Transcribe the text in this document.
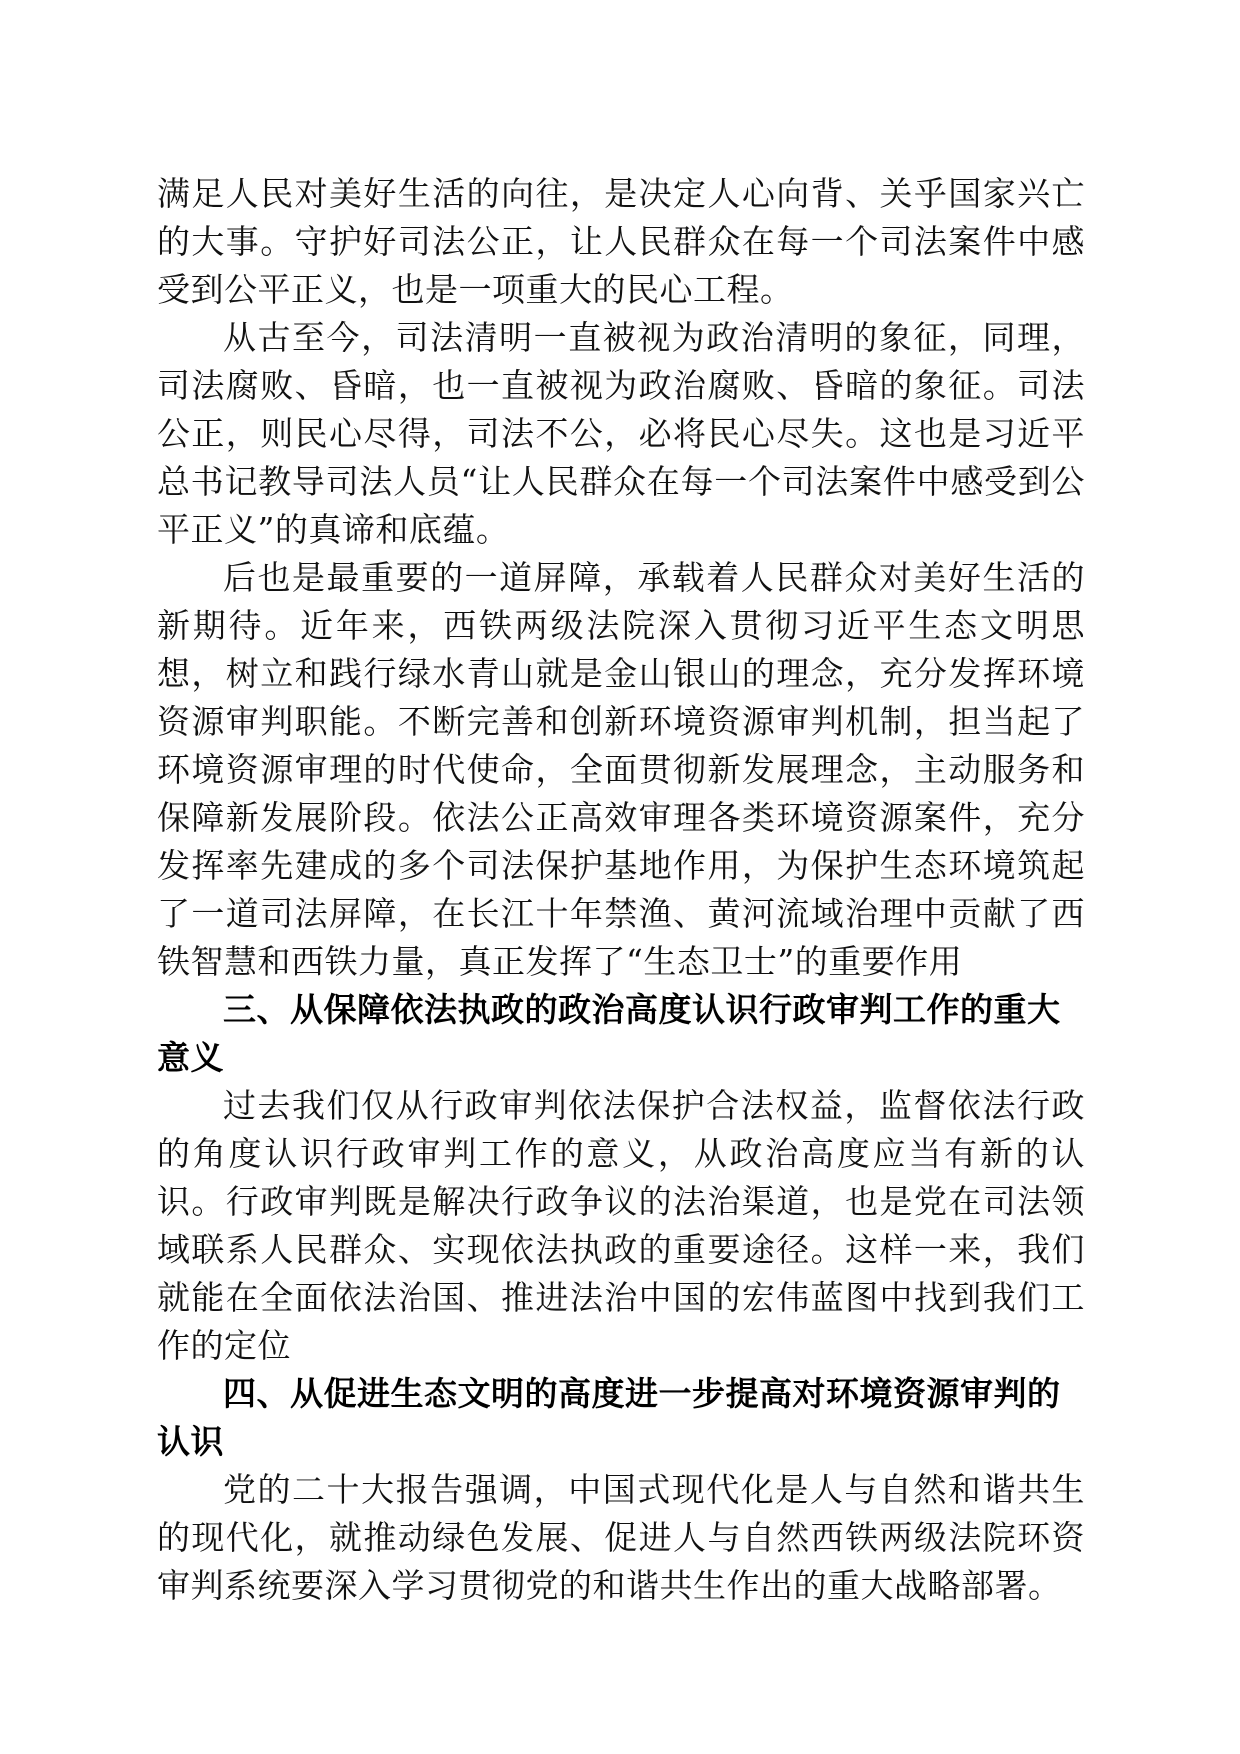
满足人民对美好生活的向往，是决定人心向背、关乎国家兴亡的大事。守护好司法公正，让人民群众在每一个司法案件中感受到公平正义，也是一项重大的民心工程。

从古至今，司法清明一直被视为政治清明的象征，同理，司法腐败、昏暗，也一直被视为政治腐败、昏暗的象征。司法公正，则民心尽得，司法不公，必将民心尽失。这也是习近平总书记教导司法人员“让人民群众在每一个司法案件中感受到公平正义”的真谛和底蕴。

后也是最重要的一道屏障，承载着人民群众对美好生活的新期待。近年来，西铁两级法院深入贯彻习近平生态文明思想，树立和践行绿水青山就是金山银山的理念，充分发挥环境资源审判职能。不断完善和创新环境资源审判机制，担当起了环境资源审理的时代使命，全面贯彻新发展理念，主动服务和保障新发展阶段。依法公正高效审理各类环境资源案件，充分发挥率先建成的多个司法保护基地作用，为保护生态环境筑起了一道司法屏障，在长江十年禁渔、黄河流域治理中贡献了西铁智慧和西铁力量，真正发挥了“生态卫士”的重要作用

三、从保障依法执政的政治高度认识行政审判工作的重大意义

过去我们仅从行政审判依法保护合法权益，监督依法行政的角度认识行政审判工作的意义，从政治高度应当有新的认识。行政审判既是解决行政争议的法治渠道，也是党在司法领域联系人民群众、实现依法执政的重要途径。这样一来，我们就能在全面依法治国、推进法治中国的宏伟蓝图中找到我们工作的定位

四、从促进生态文明的高度进一步提高对环境资源审判的认识

党的二十大报告强调，中国式现代化是人与自然和谐共生的现代化，就推动绿色发展、促进人与自然西铁两级法院环资审判系统要深入学习贯彻党的和谐共生作出的重大战略部署。
